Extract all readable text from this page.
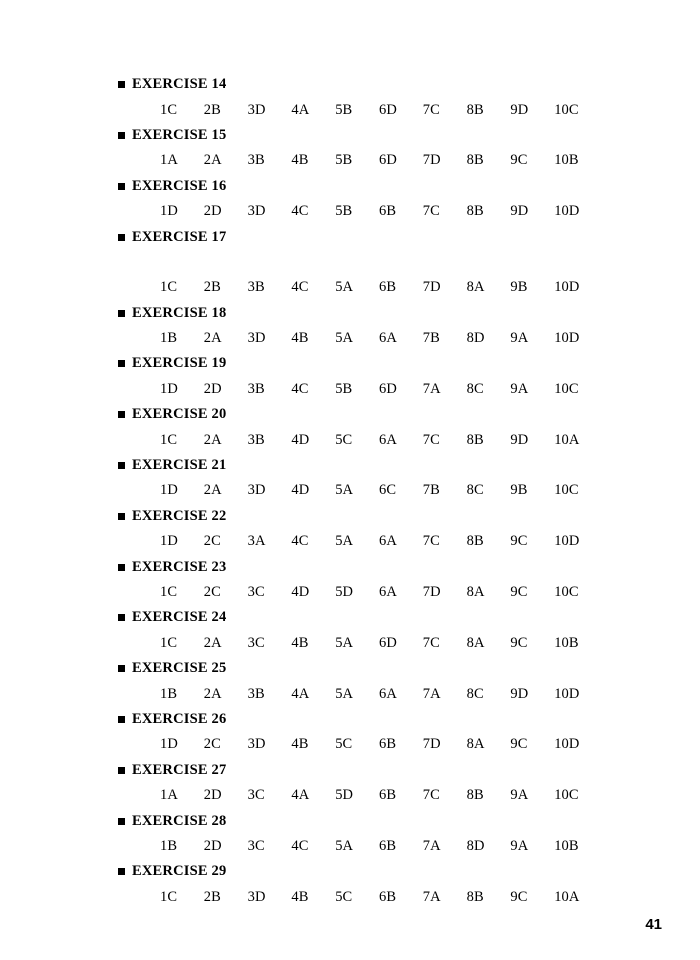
EXERCISE 14
1C	2B	3D	4A	5B	6D	7C	8B	9D	10C
EXERCISE 15
1A	2A	3B	4B	5B	6D	7D	8B	9C	10B
EXERCISE 16
1D	2D	3D	4C	5B	6B	7C	8B	9D	10D
EXERCISE 17
1C	2B	3B	4C	5A	6B	7D	8A	9B	10D
EXERCISE 18
1B	2A	3D	4B	5A	6A	7B	8D	9A	10D
EXERCISE 19
1D	2D	3B	4C	5B	6D	7A	8C	9A	10C
EXERCISE 20
1C	2A	3B	4D	5C	6A	7C	8B	9D	10A
EXERCISE 21
1D	2A	3D	4D	5A	6C	7B	8C	9B	10C
EXERCISE 22
1D	2C	3A	4C	5A	6A	7C	8B	9C	10D
EXERCISE 23
1C	2C	3C	4D	5D	6A	7D	8A	9C	10C
EXERCISE 24
1C	2A	3C	4B	5A	6D	7C	8A	9C	10B
EXERCISE 25
1B	2A	3B	4A	5A	6A	7A	8C	9D	10D
EXERCISE 26
1D	2C	3D	4B	5C	6B	7D	8A	9C	10D
EXERCISE 27
1A	2D	3C	4A	5D	6B	7C	8B	9A	10C
EXERCISE 28
1B	2D	3C	4C	5A	6B	7A	8D	9A	10B
EXERCISE 29
1C	2B	3D	4B	5C	6B	7A	8B	9C	10A
41
